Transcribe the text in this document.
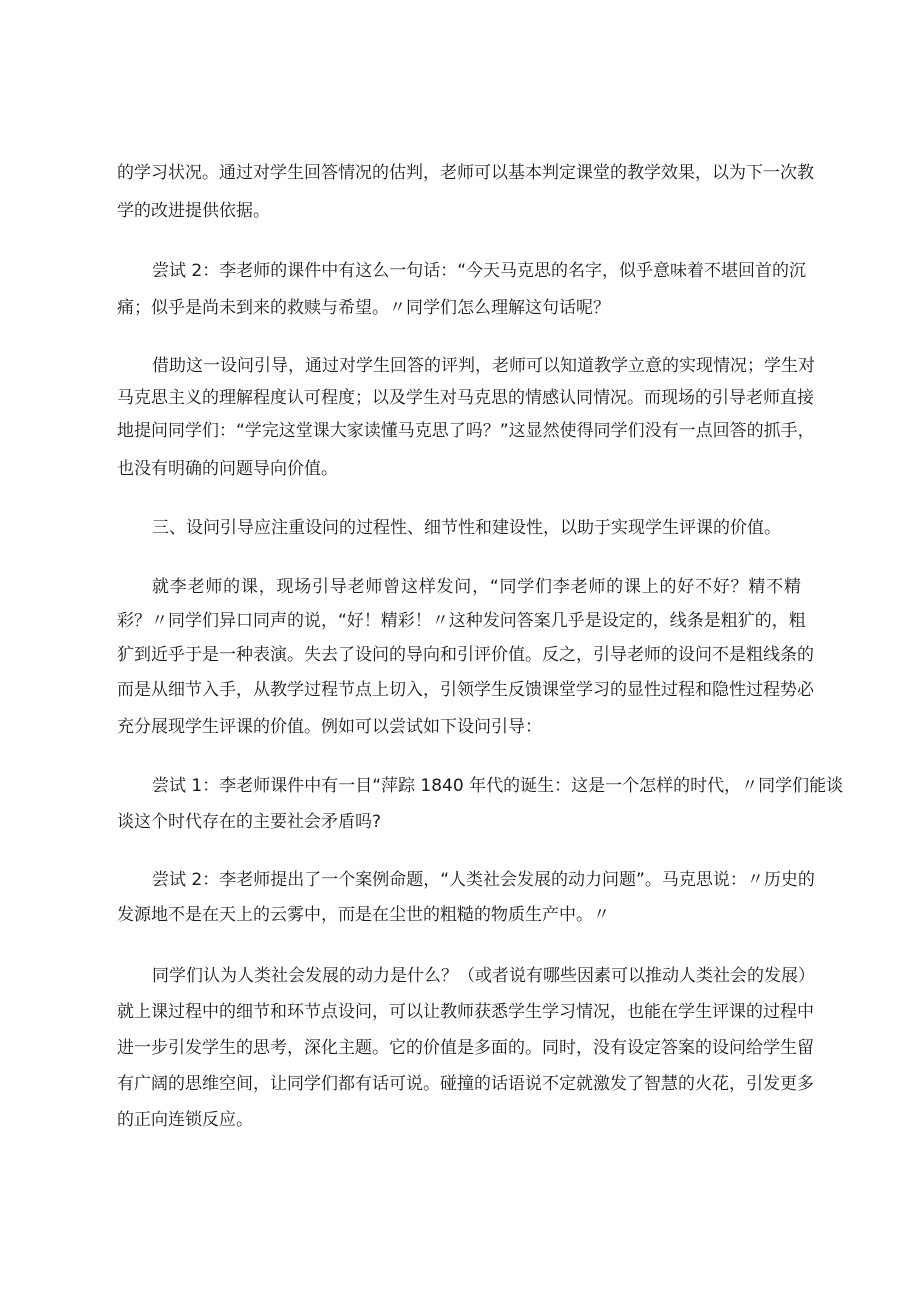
的学习状况。通过对学生回答情况的估判，老师可以基本判定课堂的教学效果，以为下一次教
学的改进提供依据。
尝试 2：李老师的课件中有这么一句话：“今天马克思的名字，似乎意味着不堪回首的沉
痛；似乎是尚未到来的救赎与希望。〃同学们怎么理解这句话呢？
借助这一设问引导，通过对学生回答的评判，老师可以知道教学立意的实现情况；学生对
马克思主义的理解程度认可程度；以及学生对马克思的情感认同情况。而现场的引导老师直接
地提问同学们：“学完这堂课大家读懂马克思了吗？”这显然使得同学们没有一点回答的抓手，
也没有明确的问题导向价值。
三、设问引导应注重设问的过程性、细节性和建设性，以助于实现学生评课的价值。
就李老师的课，现场引导老师曾这样发问，“同学们李老师的课上的好不好？精不精
彩？〃同学们异口同声的说，“好！精彩！〃这种发问答案几乎是设定的，线条是粗犷的，粗
犷到近乎于是一种表演。失去了设问的导向和引评价值。反之，引导老师的设问不是粗线条的
而是从细节入手，从教学过程节点上切入，引领学生反馈课堂学习的显性过程和隐性过程势必
充分展现学生评课的价值。例如可以尝试如下设问引导：
尝试 1：李老师课件中有一目“萍踪 1840 年代的诞生：这是一个怎样的时代，〃同学们能谈
谈这个时代存在的主要社会矛盾吗?
尝试 2：李老师提出了一个案例命题，“人类社会发展的动力问题”。马克思说：〃历史的
发源地不是在天上的云雾中，而是在尘世的粗糙的物质生产中。〃
同学们认为人类社会发展的动力是什么？（或者说有哪些因素可以推动人类社会的发展）
就上课过程中的细节和环节点设问，可以让教师获悉学生学习情况，也能在学生评课的过程中
进一步引发学生的思考，深化主题。它的价值是多面的。同时，没有设定答案的设问给学生留
有广阔的思维空间，让同学们都有话可说。碰撞的话语说不定就激发了智慧的火花，引发更多
的正向连锁反应。
